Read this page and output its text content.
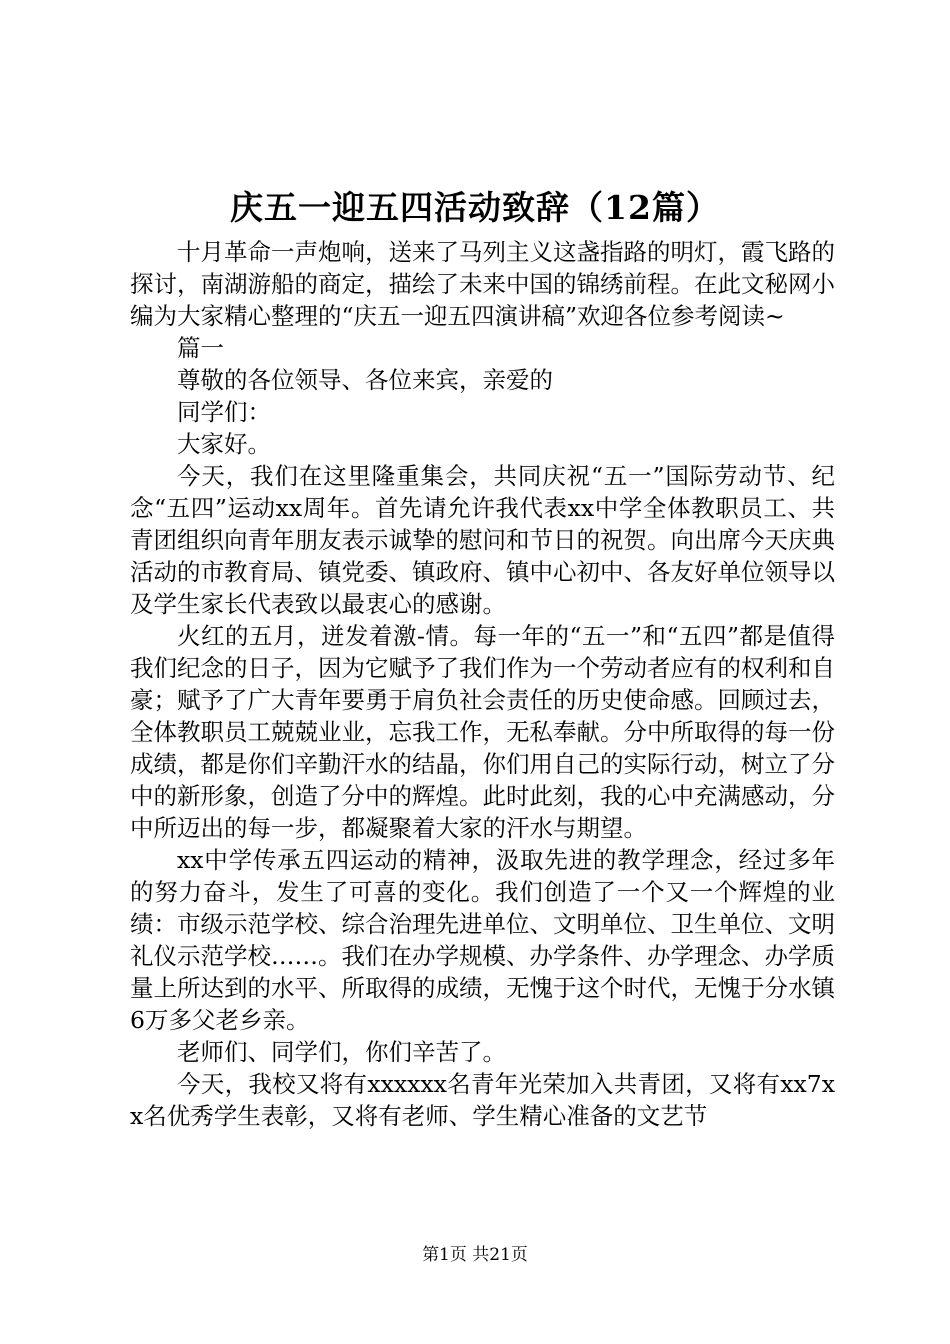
庆五一迎五四活动致辞（12篇）

十月革命一声炮响，送来了马列主义这盏指路的明灯，霞飞路的探讨，南湖游船的商定，描绘了未来中国的锦绣前程。在此文秘网小编为大家精心整理的“庆五一迎五四演讲稿”欢迎各位参考阅读~

篇一

尊敬的各位领导、各位来宾，亲爱的

同学们：

大家好。

今天，我们在这里隆重集会，共同庆祝“五一”国际劳动节、纪念“五四”运动xx周年。首先请允许我代表xx中学全体教职员工、共青团组织向青年朋友表示诚挚的慰问和节日的祝贺。向出席今天庆典活动的市教育局、镇党委、镇政府、镇中心初中、各友好单位领导以及学生家长代表致以最衷心的感谢。

火红的五月，迸发着激-情。每一年的“五一”和“五四”都是值得我们纪念的日子，因为它赋予了我们作为一个劳动者应有的权利和自豪；赋予了广大青年要勇于肩负社会责任的历史使命感。回顾过去，全体教职员工兢兢业业，忘我工作，无私奉献。分中所取得的每一份成绩，都是你们辛勤汗水的结晶，你们用自己的实际行动，树立了分中的新形象，创造了分中的辉煌。此时此刻，我的心中充满感动，分中所迈出的每一步，都凝聚着大家的汗水与期望。

xx中学传承五四运动的精神，汲取先进的教学理念，经过多年的努力奋斗，发生了可喜的变化。我们创造了一个又一个辉煌的业绩：市级示范学校、综合治理先进单位、文明单位、卫生单位、文明礼仪示范学校……。我们在办学规模、办学条件、办学理念、办学质量上所达到的水平、所取得的成绩，无愧于这个时代，无愧于分水镇6万多父老乡亲。

老师们、同学们，你们辛苦了。

今天，我校又将有xxxxxx名青年光荣加入共青团，又将有xx7xx名优秀学生表彰，又将有老师、学生精心准备的文艺节

第1页 共21页
